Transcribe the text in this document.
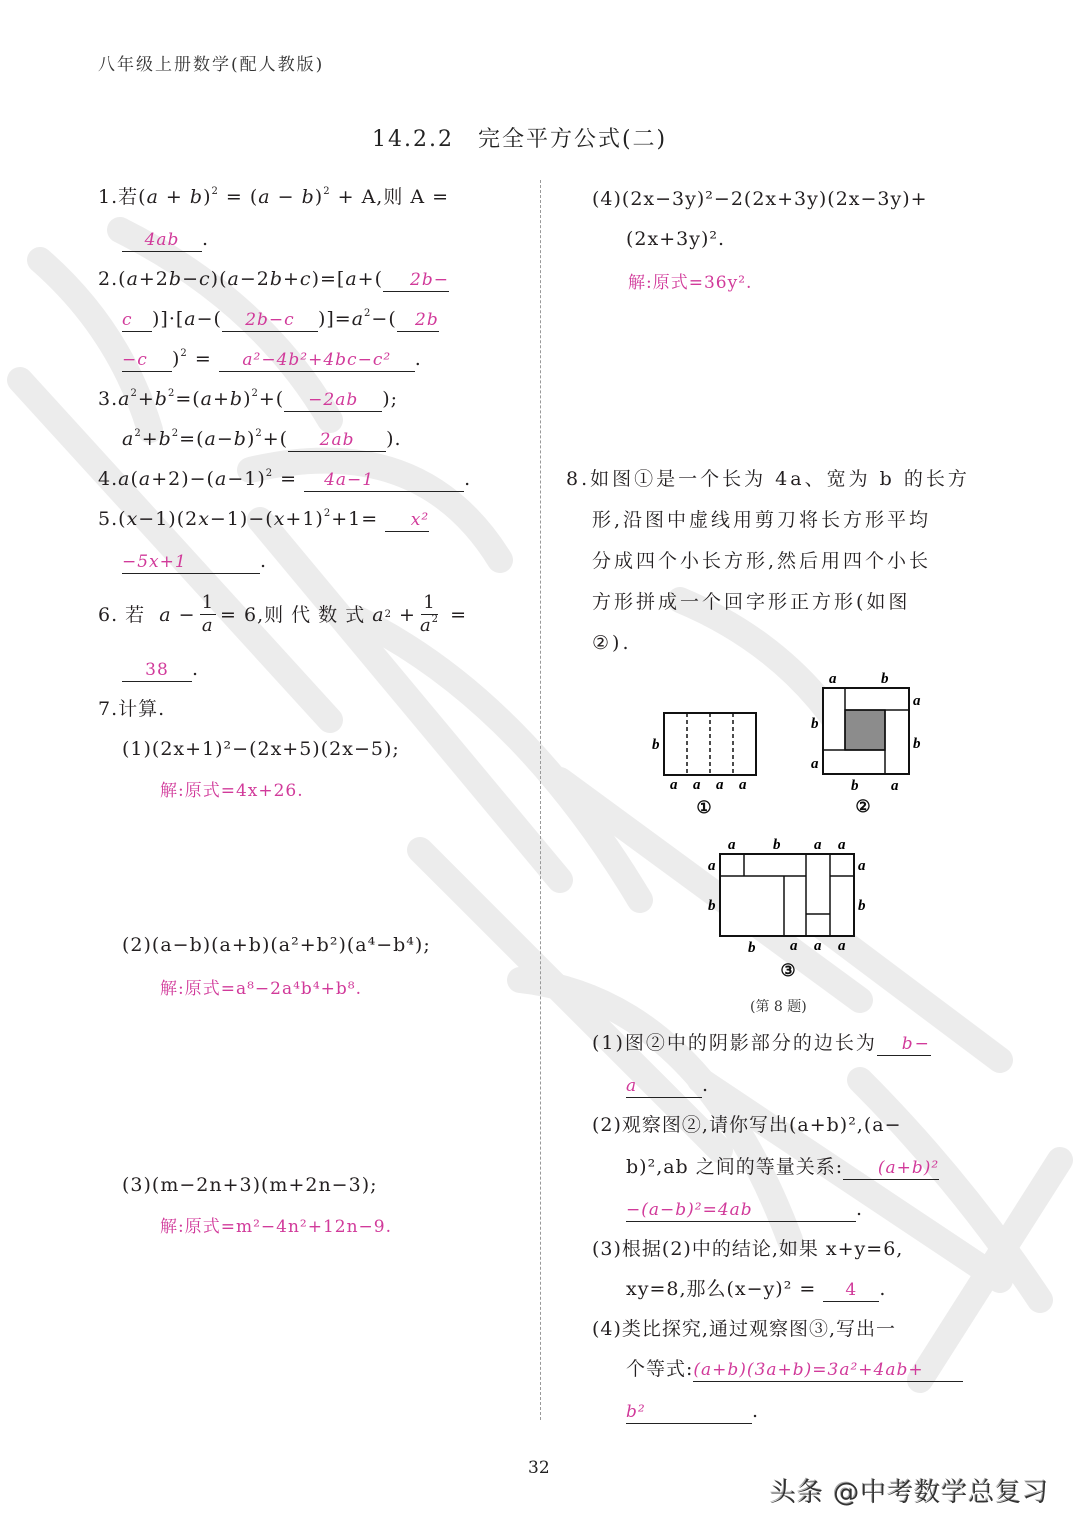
八年级上册数学(配人教版)
14.2.2　完全平方公式(二)
1.若$(a + b)^2 = (a - b)^2 + A$,则 A =
4ab .
2.(a+2b−c)(a−2b+c)=[a+( 2b−
c )]·[a−( 2b−c )]$=a^2-$( 2b
−c )$^2$ = a²−4b²+4bc−c² .
$3.a^2+b^2=(a+b)^2+( -2ab$ );
$a^2+b^2=(a-b)^2+$( 2ab ).
$4.a(a+2)-(a-1)^2 = 4a-1$	.
$5.(x-1)(2x-1)-(x+1)^2+1= x^2$
−5x+1	.
6. 若 $a - \frac{1}{a} = 6$,则 代 数 式 a $2 + \frac{1}{a^2}$ =
38 .
7.计算.
(1)(2x+1)²−(2x+5)(2x−5);
解:原式=4x+26.
(2)(a−b)(a+b)(a²+b²)(a⁴−b⁴);
解:原式=a⁸−2a⁴b⁴+b⁸.
(3)(m−2n+3)(m+2n−3);
解:原式=m²−4n²+12n−9.
(4)(2x−3y)²−2(2x+3y)(2x−3y)+
(2x+3y)².
解:原式=36y².
8.如图①是一个长为 4a、宽为 b 的长方
形,沿图中虚线用剪刀将长方形平均
分成四个小长方形,然后用四个小长
方形拼成一个回字形正方形(如图
②).
b
a a a a
①
a	b
a
b
b
a
b a
②
a	b a a
a
b
a
b
b a a a
③
(第 8 题)
(1)图②中的阴影部分的边长为 b−
a	.
(2)观察图②,请你写出(a+b)²,(a−
b)²,ab 之间的等量关系: (a+b)²
−(a−b)²=4ab	.
(3)根据(2)中的结论,如果 x+y=6,
xy=8,那么(x−y)² = 4 .
(4)类比探究,通过观察图③,写出一
个等式:(a+b)(3a+b)=3a²+4ab+
b²	.
32
头条 @中考数学总复习
